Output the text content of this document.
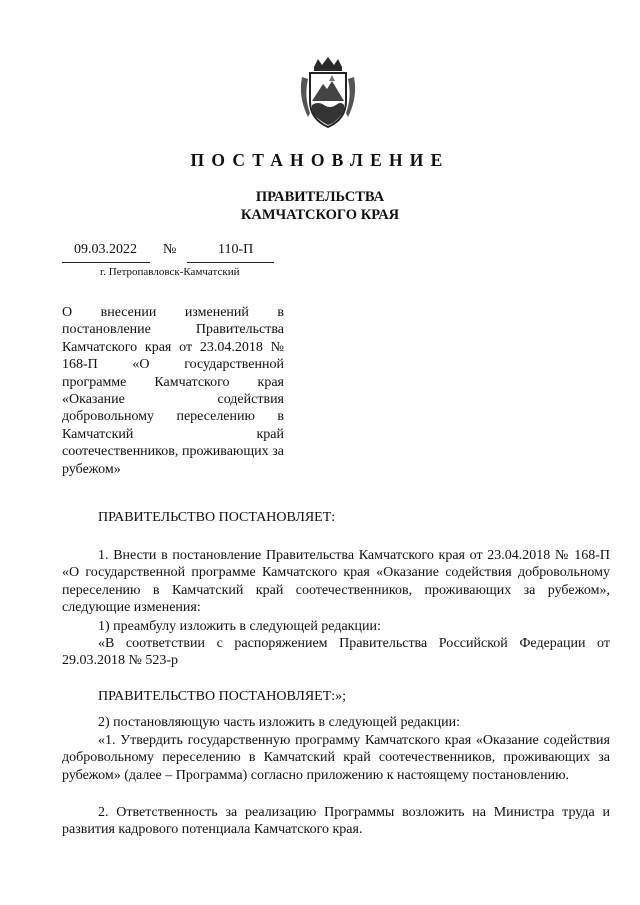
ПОСТАНОВЛЕНИЕ
ПРАВИТЕЛЬСТВА
КАМЧАТСКОГО КРАЯ
09.03.2022 №	110-П
г. Петропавловск-Камчатский
О внесении изменений в постановление Правительства Камчатского края от 23.04.2018 № 168-П «О государственной программе Камчатского края «Оказание содействия добровольному переселению в Камчатский край соотечественников, проживающих за рубежом»
ПРАВИТЕЛЬСТВО ПОСТАНОВЛЯЕТ:
1. Внести в постановление Правительства Камчатского края от 23.04.2018 № 168-П «О государственной программе Камчатского края «Оказание содействия добровольному переселению в Камчатский край соотечественников, проживающих за рубежом», следующие изменения:
1) преамбулу изложить в следующей редакции:
«В соответствии с распоряжением Правительства Российской Федерации от 29.03.2018 № 523-р
ПРАВИТЕЛЬСТВО ПОСТАНОВЛЯЕТ:»;
2) постановляющую часть изложить в следующей редакции:
«1. Утвердить государственную программу Камчатского края «Оказание содействия добровольному переселению в Камчатский край соотечественников, проживающих за рубежом» (далее – Программа) согласно приложению к настоящему постановлению.
2. Ответственность за реализацию Программы возложить на Министра труда и развития кадрового потенциала Камчатского края.
